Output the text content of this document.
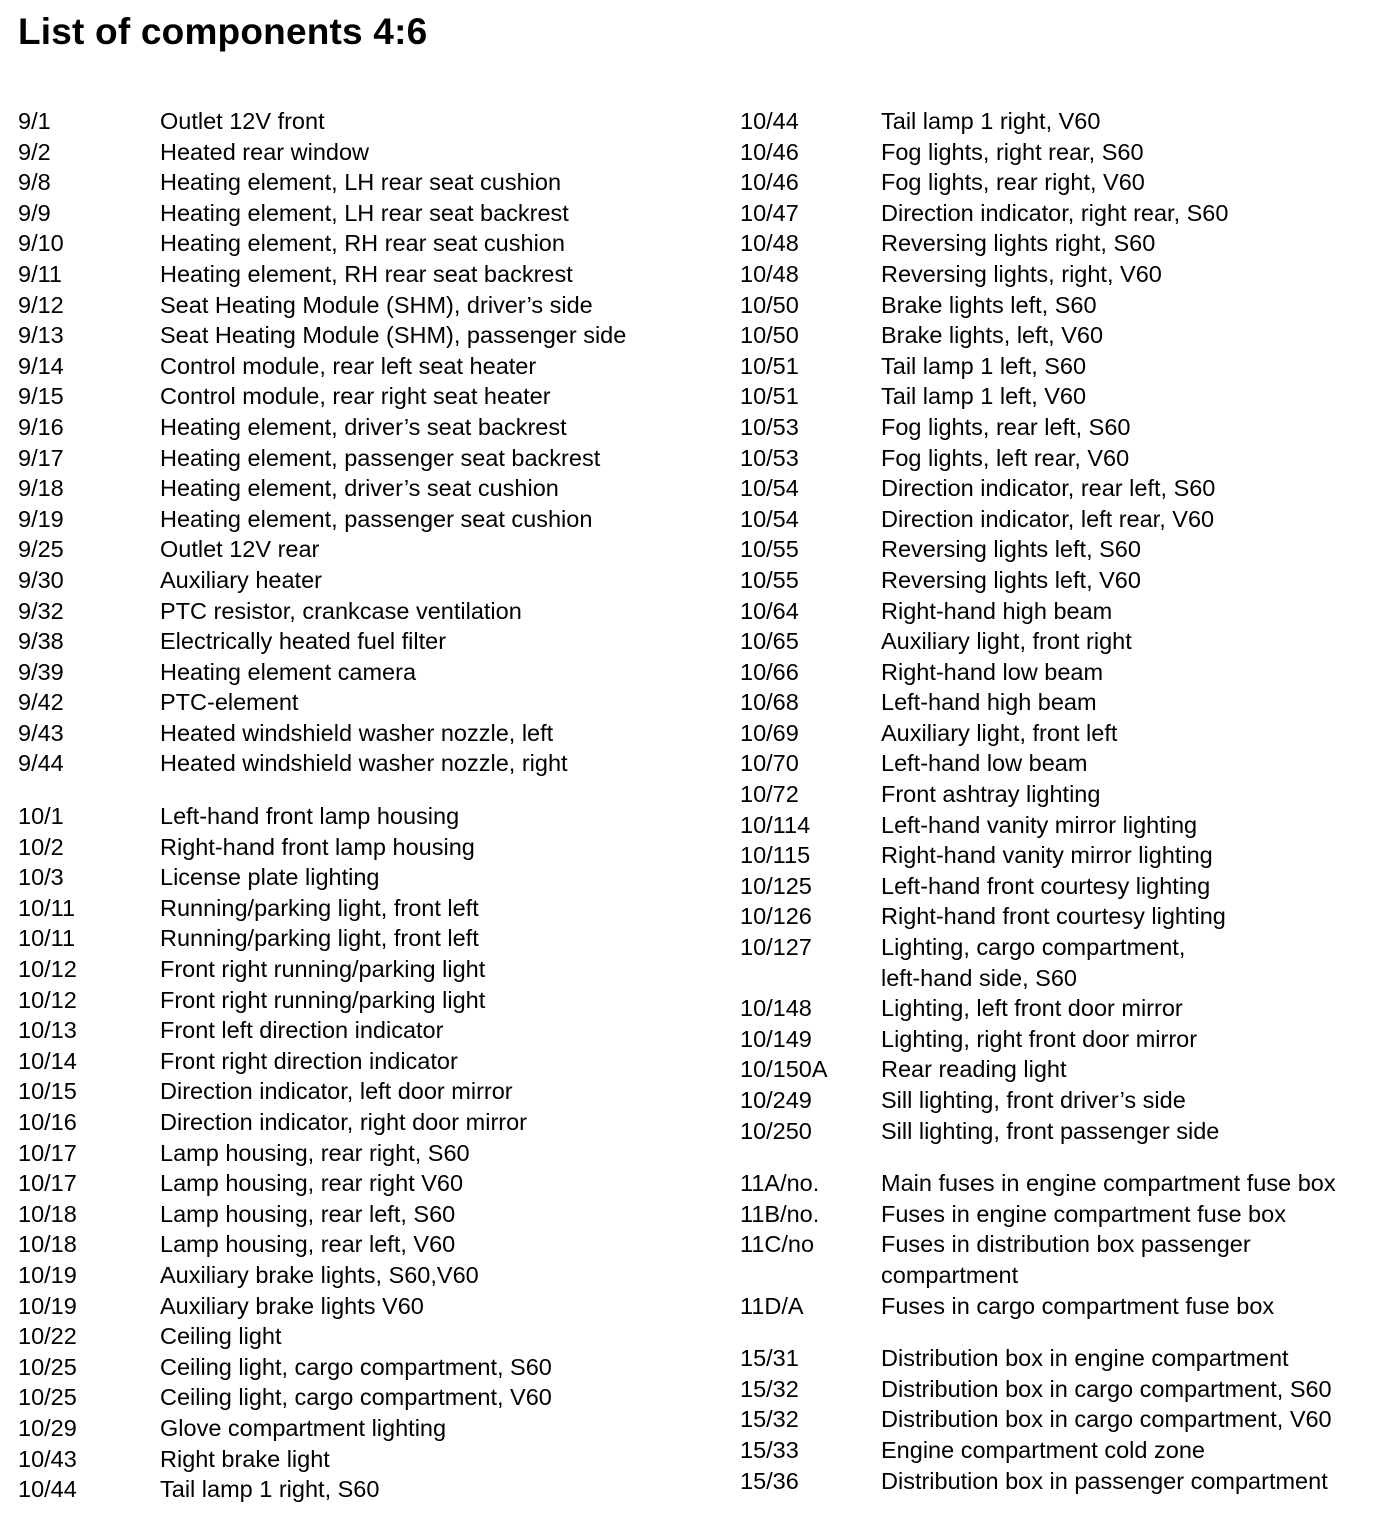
List of components 4:6
9/1	Outlet 12V front
9/2	Heated rear window
9/8	Heating element, LH rear seat cushion
9/9	Heating element, LH rear seat backrest
9/10	Heating element, RH rear seat cushion
9/11	Heating element, RH rear seat backrest
9/12	Seat Heating Module (SHM), driver’s side
9/13	Seat Heating Module (SHM), passenger side
9/14	Control module, rear left seat heater
9/15	Control module, rear right seat heater
9/16	Heating element, driver’s seat backrest
9/17	Heating element, passenger seat backrest
9/18	Heating element, driver’s seat cushion
9/19	Heating element, passenger seat cushion
9/25	Outlet 12V rear
9/30	Auxiliary heater
9/32	PTC resistor, crankcase ventilation
9/38	Electrically heated fuel filter
9/39	Heating element camera
9/42	PTC-element
9/43	Heated windshield washer nozzle, left
9/44	Heated windshield washer nozzle, right
10/1	Left-hand front lamp housing
10/2	Right-hand front lamp housing
10/3	License plate lighting
10/11	Running/parking light, front left
10/11	Running/parking light, front left
10/12	Front right running/parking light
10/12	Front right running/parking light
10/13	Front left direction indicator
10/14	Front right direction indicator
10/15	Direction indicator, left door mirror
10/16	Direction indicator, right door mirror
10/17	Lamp housing, rear right, S60
10/17	Lamp housing, rear right V60
10/18	Lamp housing, rear left, S60
10/18	Lamp housing, rear left, V60
10/19	Auxiliary brake lights, S60,V60
10/19	Auxiliary brake lights V60
10/22	Ceiling light
10/25	Ceiling light, cargo compartment, S60
10/25	Ceiling light, cargo compartment, V60
10/29	Glove compartment lighting
10/43	Right brake light
10/44	Tail lamp 1 right, S60
10/44	Tail lamp 1 right, V60
10/46	Fog lights, right rear, S60
10/46	Fog lights, rear right, V60
10/47	Direction indicator, right rear, S60
10/48	Reversing lights right, S60
10/48	Reversing lights, right, V60
10/50	Brake lights left, S60
10/50	Brake lights, left, V60
10/51	Tail lamp 1 left, S60
10/51	Tail lamp 1 left, V60
10/53	Fog lights, rear left, S60
10/53	Fog lights, left rear, V60
10/54	Direction indicator, rear left, S60
10/54	Direction indicator, left rear, V60
10/55	Reversing lights left, S60
10/55	Reversing lights left, V60
10/64	Right-hand high beam
10/65	Auxiliary light, front right
10/66	Right-hand low beam
10/68	Left-hand high beam
10/69	Auxiliary light, front left
10/70	Left-hand low beam
10/72	Front ashtray lighting
10/114	Left-hand vanity mirror lighting
10/115	Right-hand vanity mirror lighting
10/125	Left-hand front courtesy lighting
10/126	Right-hand front courtesy lighting
10/127	Lighting, cargo compartment,
left-hand side, S60
10/148	Lighting, left front door mirror
10/149	Lighting, right front door mirror
10/150A	Rear reading light
10/249	Sill lighting, front driver’s side
10/250	Sill lighting, front passenger side
11A/no.	Main fuses in engine compartment fuse box
11B/no.	Fuses in engine compartment fuse box
11C/no	Fuses in distribution box passenger
compartment
11D/A	Fuses in cargo compartment fuse box
15/31	Distribution box in engine compartment
15/32	Distribution box in cargo compartment, S60
15/32	Distribution box in cargo compartment, V60
15/33	Engine compartment cold zone
15/36	Distribution box in passenger compartment
